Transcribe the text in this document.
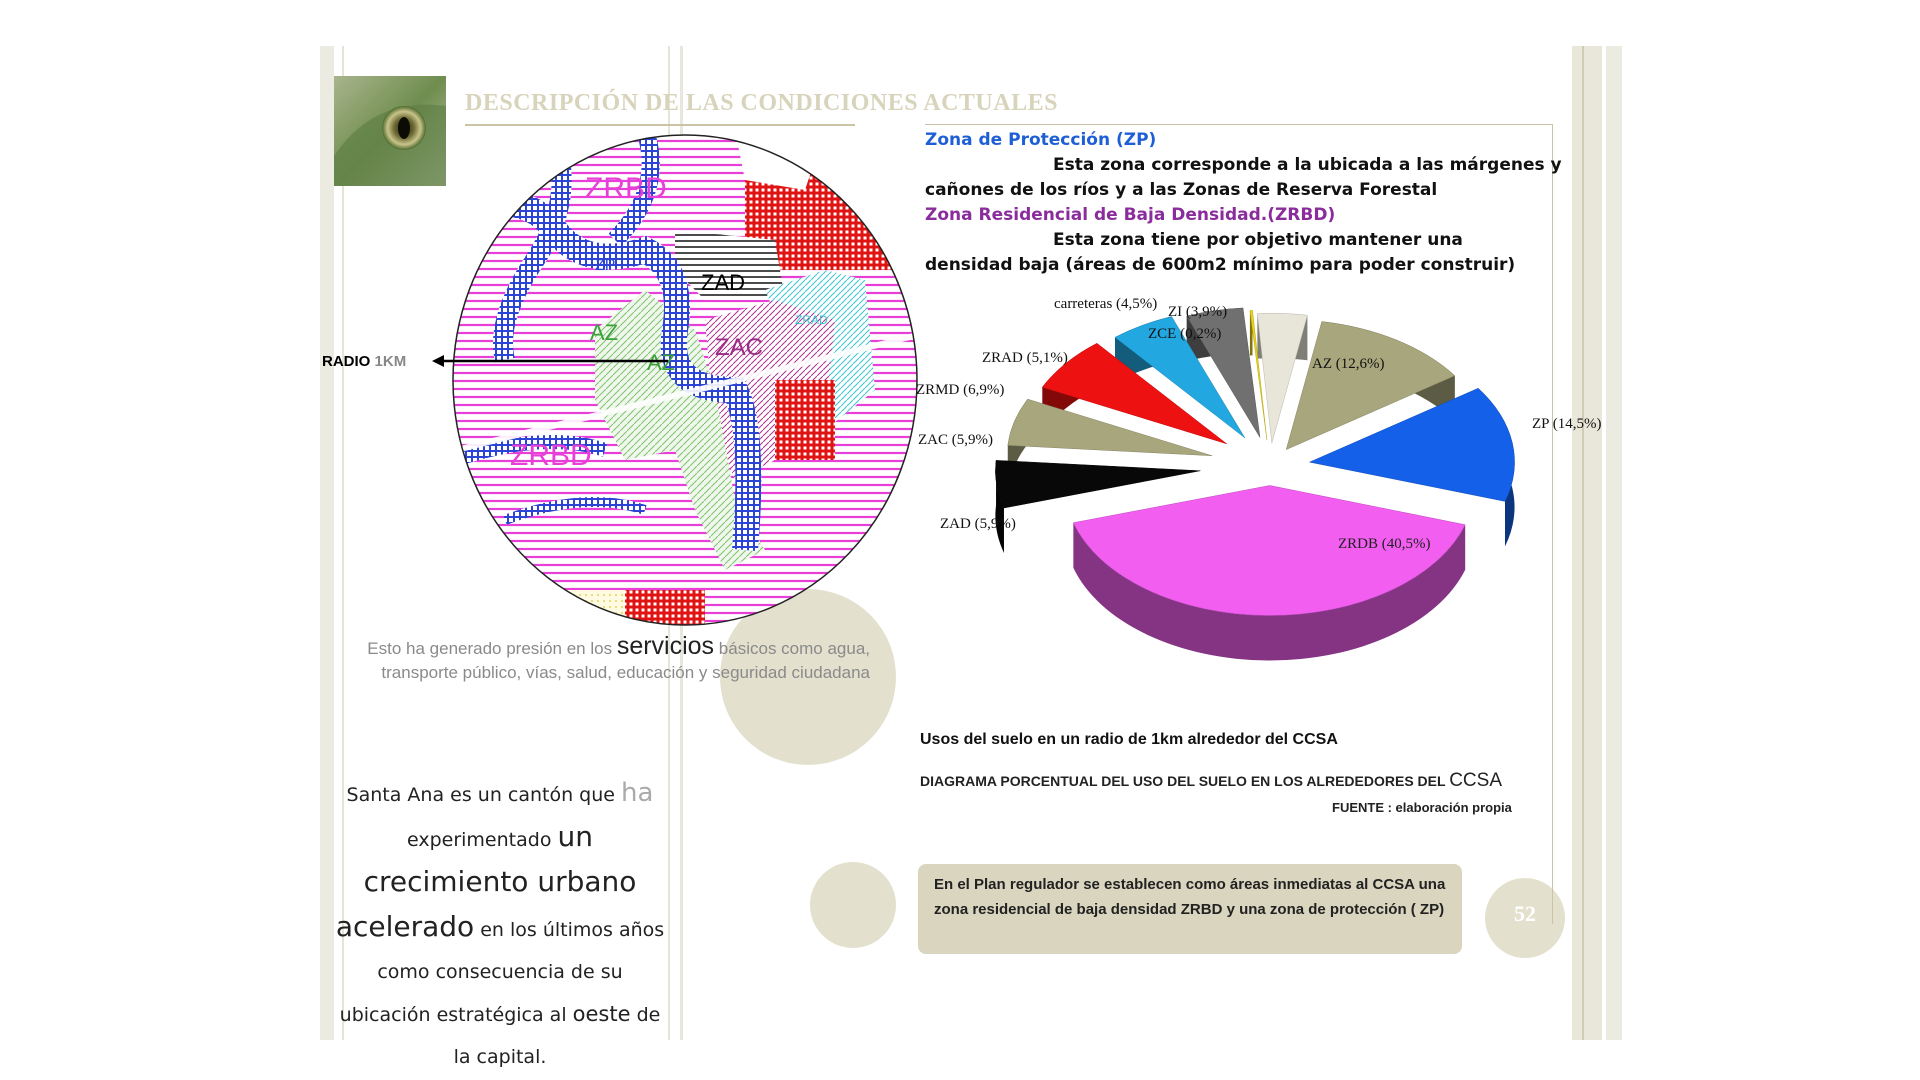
DESCRIPCIÓN DE LAS CONDICIONES ACTUALES
ZRBD
ZP
ZAD
AZ
AZ
ZAC
ZRAD
ZRBD
RADIO 1KM
Zona de Protección (ZP)
Esta zona corresponde a la ubicada a las márgenes y
cañones de los ríos y a las Zonas de Reserva Forestal
Zona Residencial de Baja Densidad.(ZRBD)
Esta zona tiene por objetivo mantener una
densidad baja (áreas de 600m2 mínimo para poder construir)
AZ (12,6%)
ZP (14,5%)
ZRDB (40,5%)
ZAD (5,9%)
ZAC (5,9%)
ZRMD (6,9%)
ZRAD (5,1%)
carreteras (4,5%)
ZCE (0,2%)
ZI (3,9%)
Usos del suelo en un radio de 1km alrededor del CCSA
DIAGRAMA PORCENTUAL DEL USO DEL SUELO EN LOS ALREDEDORES DEL CCSA
FUENTE : elaboración propia
Esto ha generado presión en los servicios básicos como agua, transporte público, vías, salud, educación y seguridad ciudadana
Santa Ana es un cantón que ha
experimentado un
crecimiento urbano
acelerado en los últimos años
como consecuencia de su
ubicación estratégica al oeste de
la capital.
En el Plan regulador se establecen como áreas inmediatas al CCSA una zona residencial de baja densidad ZRBD y una zona de protección ( ZP)	52
